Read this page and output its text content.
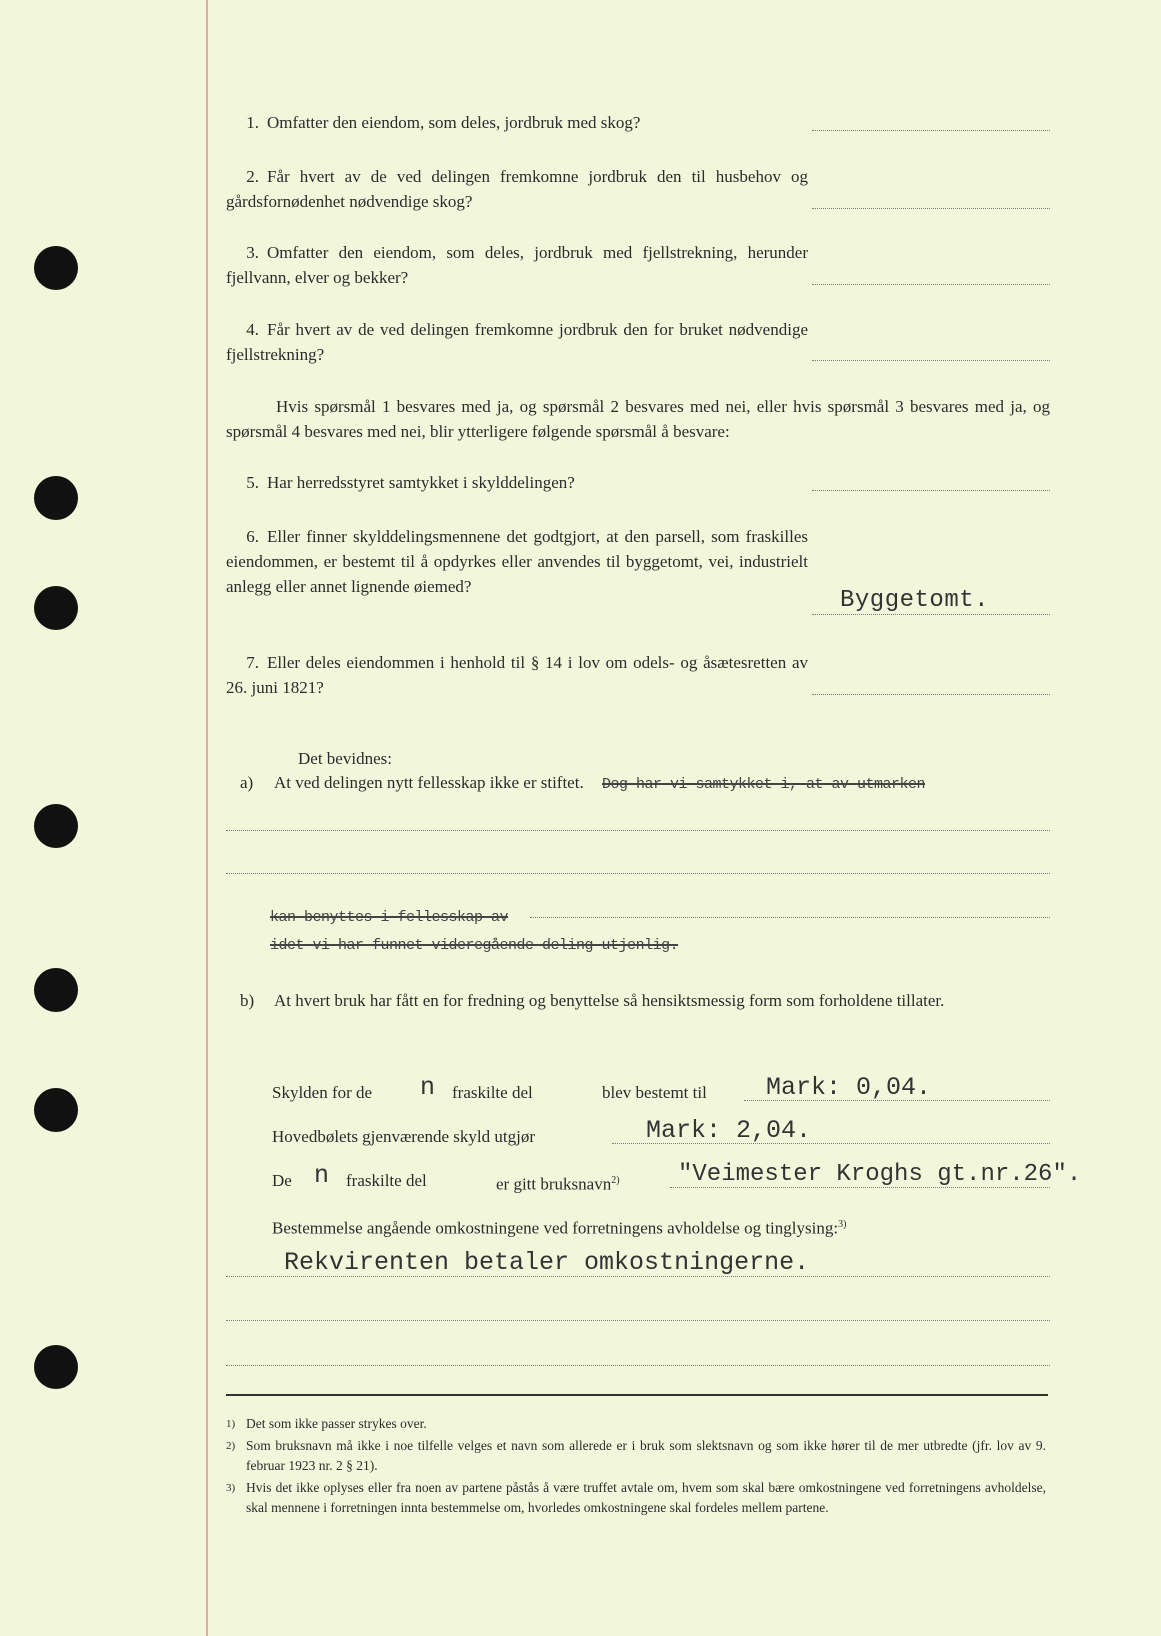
1. Omfatter den eiendom, som deles, jordbruk med skog?
2. Får hvert av de ved delingen fremkomne jordbruk den til husbehov og gårdsfornødenhet nødvendige skog?
3. Omfatter den eiendom, som deles, jordbruk med fjellstrekning, herunder fjellvann, elver og bekker?
4. Får hvert av de ved delingen fremkomne jordbruk den for bruket nødvendige fjellstrekning?
Hvis spørsmål 1 besvares med ja, og spørsmål 2 besvares med nei, eller hvis spørsmål 3 besvares med ja, og spørsmål 4 besvares med nei, blir ytterligere følgende spørsmål å besvare:
5. Har herredsstyret samtykket i skylddelingen?
6. Eller finner skylddelingsmennene det godtgjort, at den parsell, som fraskilles eiendommen, er bestemt til å opdyrkes eller anvendes til byggetomt, vei, industrielt anlegg eller annet lignende øiemed?
Byggetomt.
7. Eller deles eiendommen i henhold til § 14 i lov om odels- og åsætesretten av 26. juni 1821?
Det bevidnes:
a) At ved delingen nytt fellesskap ikke er stiftet. Dog har vi samtykket i, at av utmarken
kan benyttes i fellesskap av
idet vi har funnet videregående deling utjenlig.
b) At hvert bruk har fått en for fredning og benyttelse så hensiktsmessig form som forholdene tillater.
Skylden for de n fraskilte del	blev bestemt til Mark: 0,04.
Hovedbølets gjenværende skyld utgjør	Mark: 2,04.
De n fraskilte del	er gitt bruksnavn$^{2)}$ "Veimester Kroghs gt.nr.26".
Bestemmelse angående omkostningene ved forretningens avholdelse og tinglysing:$^{3)}$
Rekvirenten betaler omkostningerne.
1) Det som ikke passer strykes over.
2) Som bruksnavn må ikke i noe tilfelle velges et navn som allerede er i bruk som slektsnavn og som ikke hører til de mer utbredte (jfr. lov av 9. februar 1923 nr. 2 § 21).
3) Hvis det ikke oplyses eller fra noen av partene påstås å være truffet avtale om, hvem som skal bære omkostningene ved forretningens avholdelse, skal mennene i forretningen innta bestemmelse om, hvorledes omkostningene skal fordeles mellem partene.
